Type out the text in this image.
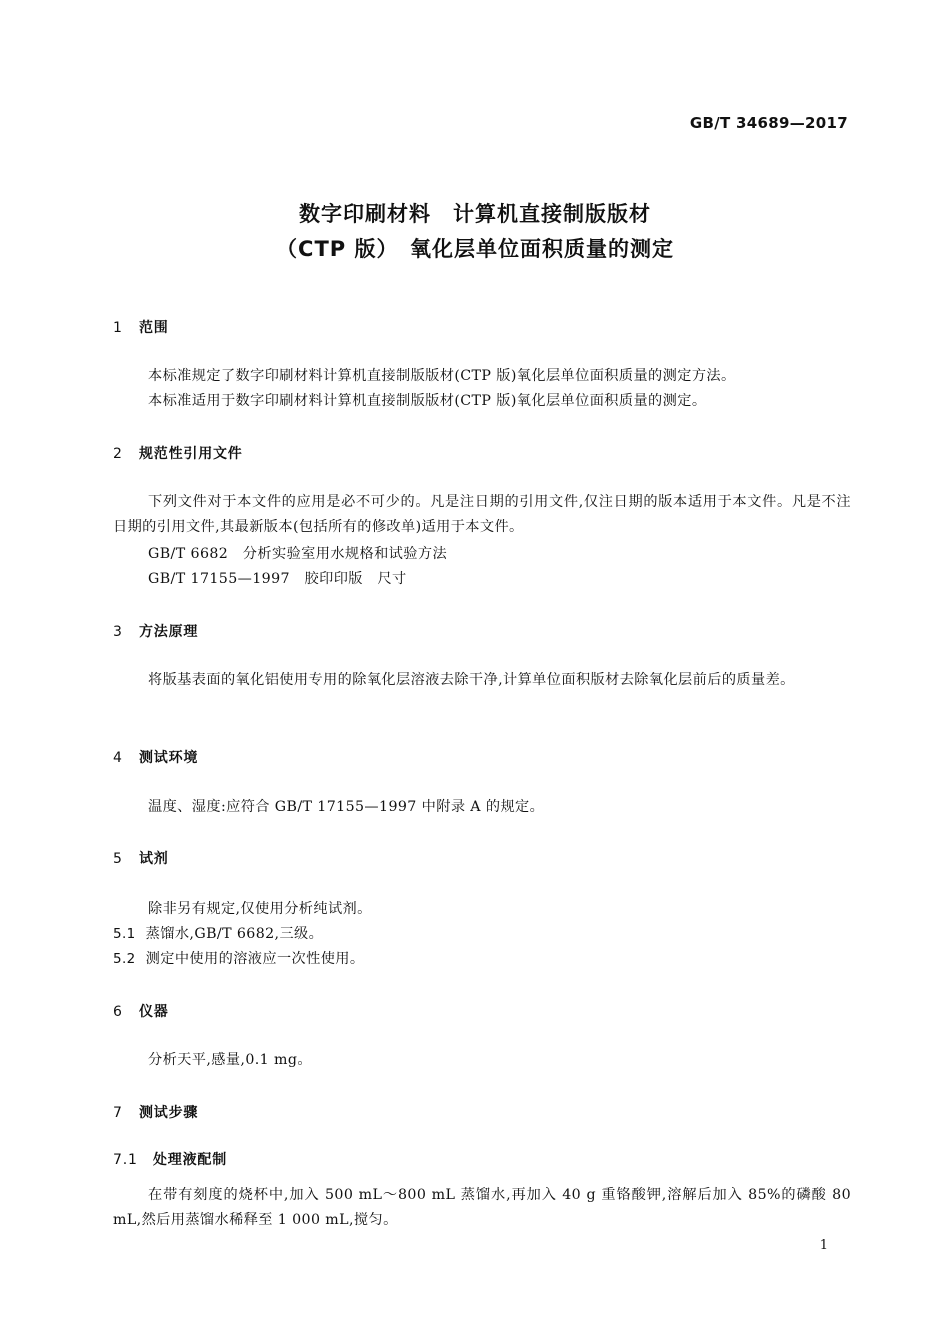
GB/T 34689—2017
数字印刷材料　计算机直接制版版材
（CTP 版）　氧化层单位面积质量的测定
1 范围
本标准规定了数字印刷材料计算机直接制版版材(CTP 版)氧化层单位面积质量的测定方法。
本标准适用于数字印刷材料计算机直接制版版材(CTP 版)氧化层单位面积质量的测定。
2 规范性引用文件
下列文件对于本文件的应用是必不可少的。凡是注日期的引用文件,仅注日期的版本适用于本文件。凡是不注日期的引用文件,其最新版本(包括所有的修改单)适用于本文件。
GB/T 6682　分析实验室用水规格和试验方法
GB/T 17155—1997　胶印印版　尺寸
3 方法原理
将版基表面的氧化铝使用专用的除氧化层溶液去除干净,计算单位面积版材去除氧化层前后的质量差。
4 测试环境
温度、湿度:应符合 GB/T 17155—1997 中附录 A 的规定。
5 试剂
除非另有规定,仅使用分析纯试剂。
5.1 蒸馏水,GB/T 6682,三级。
5.2 测定中使用的溶液应一次性使用。
6 仪器
分析天平,感量,0.1 mg。
7 测试步骤
7.1 处理液配制
在带有刻度的烧杯中,加入 500 mL～800 mL 蒸馏水,再加入 40 g 重铬酸钾,溶解后加入 85%的磷酸 80 mL,然后用蒸馏水稀释至 1 000 mL,搅匀。
1
